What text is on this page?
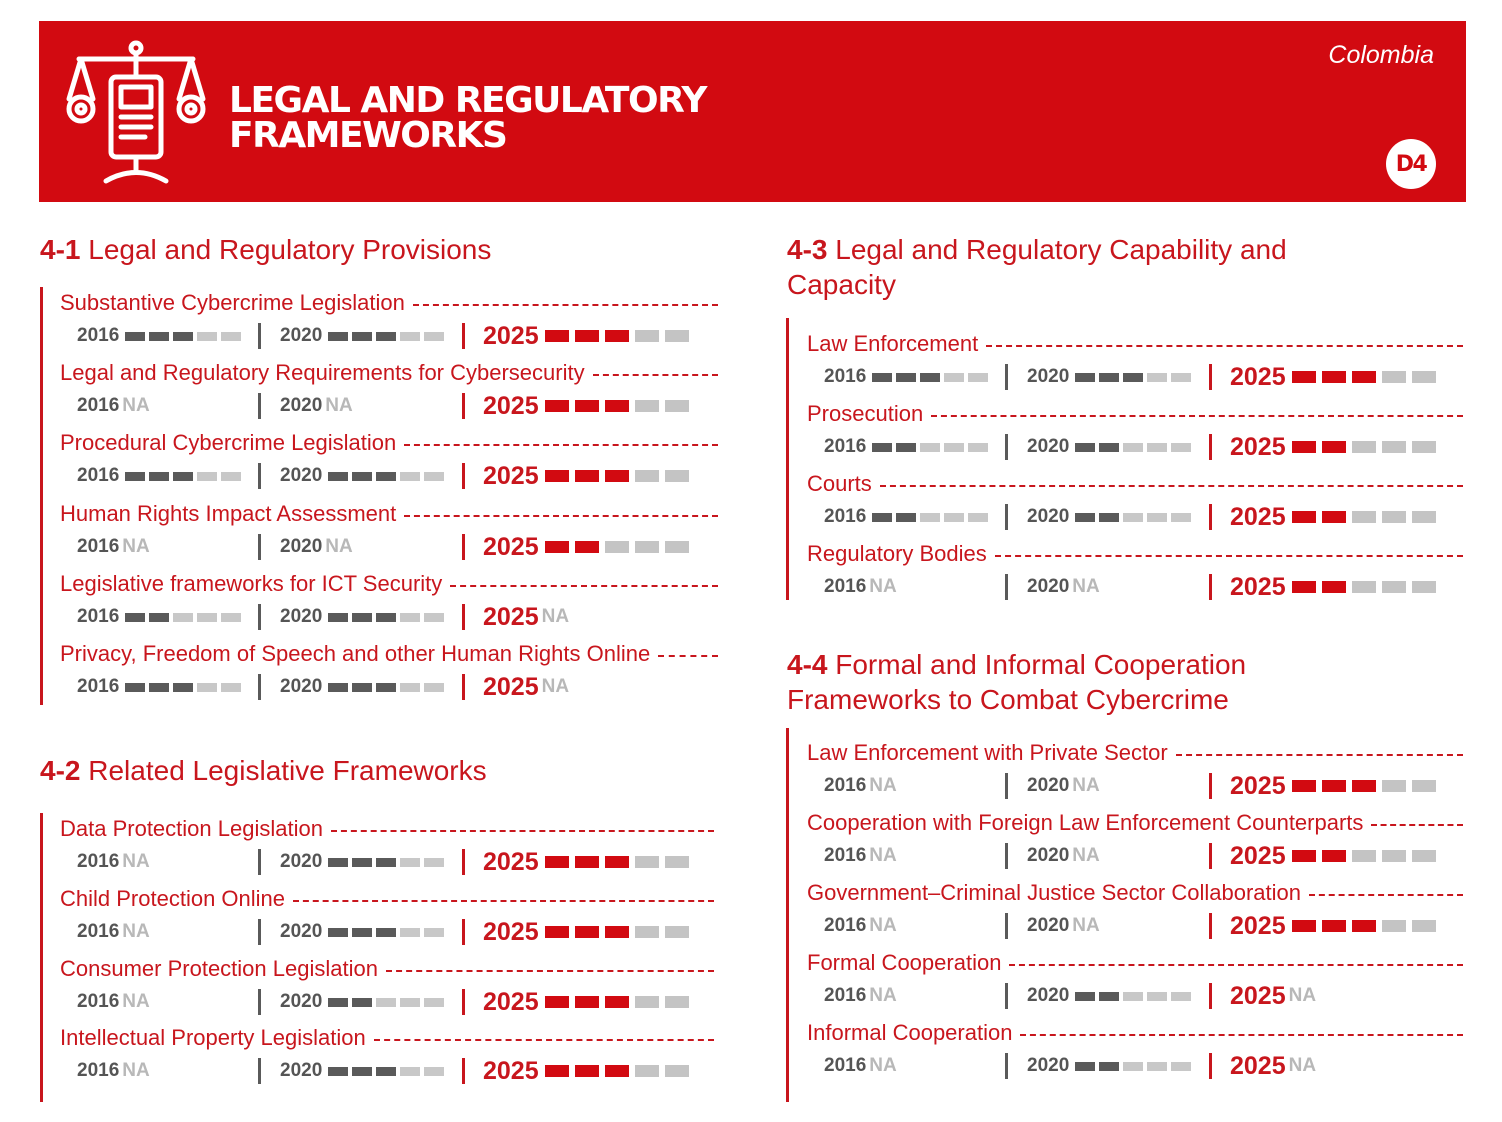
LEGAL AND REGULATORY
FRAMEWORKS
Colombia
D4
4-1 Legal and Regulatory Provisions
4-2 Related Legislative Frameworks
4-3 Legal and Regulatory Capability and
Capacity
4-4 Formal and Informal Cooperation
Frameworks to Combat Cybercrime
Substantive Cybercrime Legislation
2016	2020	2025
Legal and Regulatory Requirements for Cybersecurity
2016 NA	2020 NA	2025
Procedural Cybercrime Legislation
2016	2020	2025
Human Rights Impact Assessment
2016 NA	2020 NA	2025
Legislative frameworks for ICT Security
2016	2020	2025 NA
Privacy, Freedom of Speech and other Human Rights Online
2016	2020	2025 NA
Data Protection Legislation
2016 NA	2020	2025
Child Protection Online
2016 NA	2020	2025
Consumer Protection Legislation
2016 NA	2020	2025
Intellectual Property Legislation
2016 NA	2020	2025
Law Enforcement
2016	2020	2025
Prosecution
2016	2020	2025
Courts
2016	2020	2025
Regulatory Bodies
2016 NA	2020 NA	2025
Law Enforcement with Private Sector
2016 NA	2020 NA	2025
Cooperation with Foreign Law Enforcement Counterparts
2016 NA	2020 NA	2025
Government–Criminal Justice Sector Collaboration
2016 NA	2020 NA	2025
Formal Cooperation
2016 NA	2020	2025 NA
Informal Cooperation
2016 NA	2020	2025 NA
